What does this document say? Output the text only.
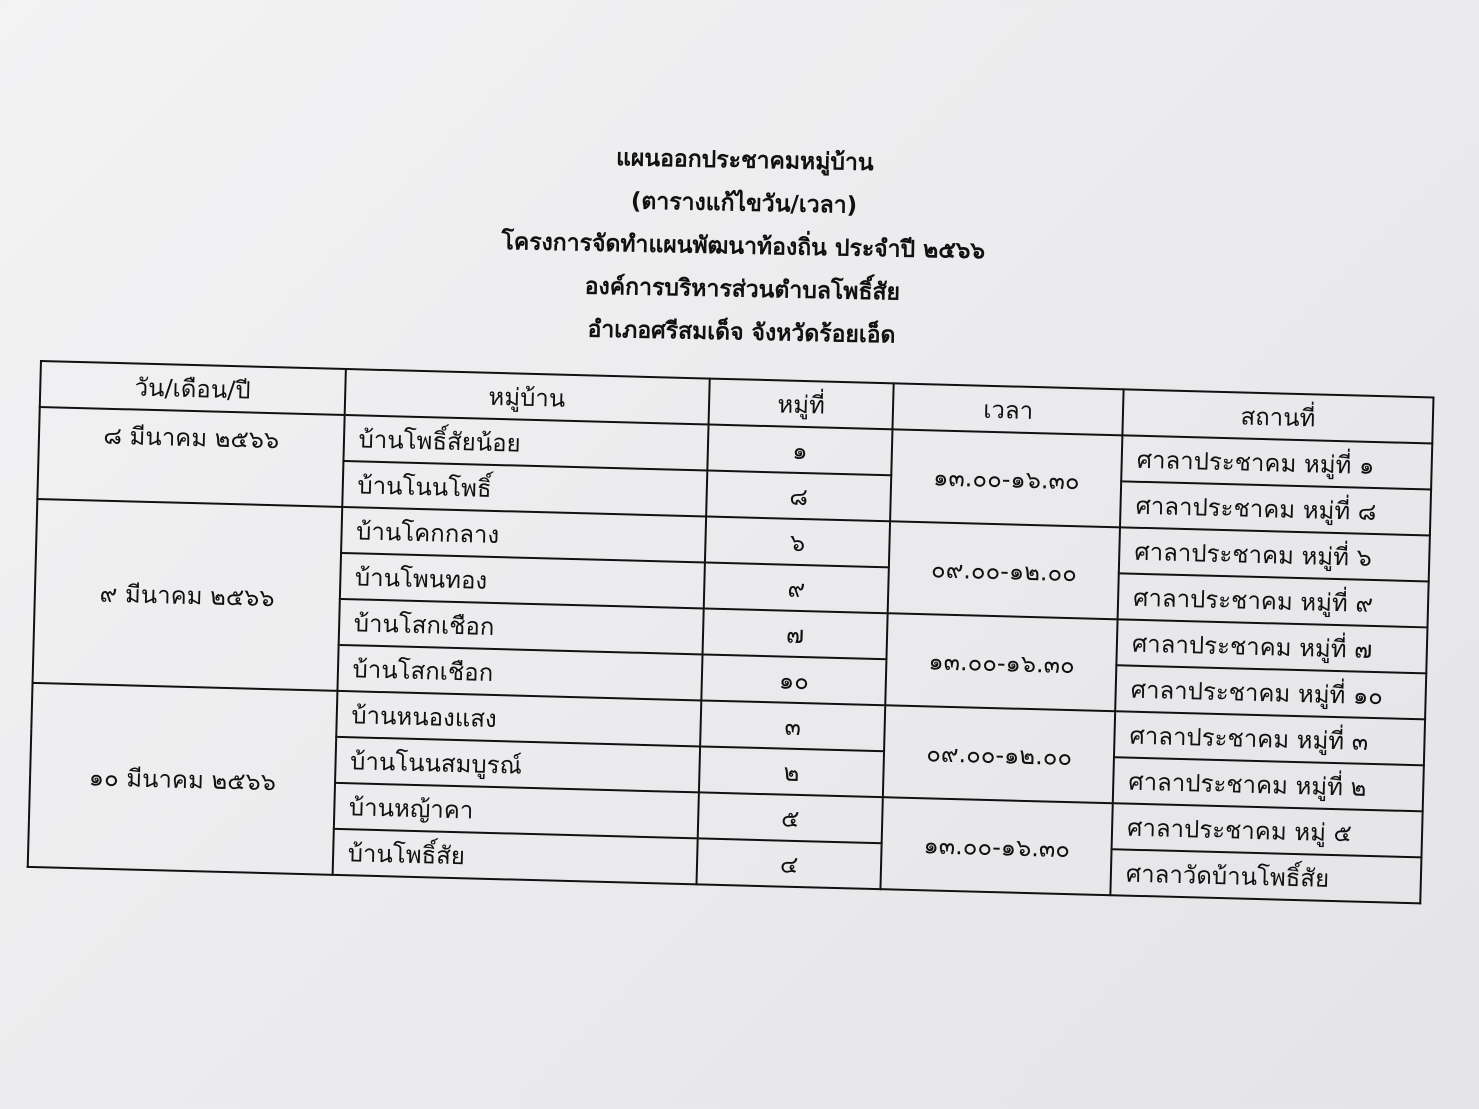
แผนออกประชาคมหมู่บ้าน
(ตารางแก้ไขวัน/เวลา)
โครงการจัดทำแผนพัฒนาท้องถิ่น ประจำปี ๒๕๖๖
องค์การบริหารส่วนตำบลโพธิ์สัย
อำเภอศรีสมเด็จ จังหวัดร้อยเอ็ด
วัน/เดือน/ปี	หมู่บ้าน	หมู่ที่	เวลา	สถานที่
๘ มีนาคม ๒๕๖๖	บ้านโพธิ์สัยน้อย	๑	๑๓.๐๐-๑๖.๓๐	ศาลาประชาคม หมู่ที่ ๑
	บ้านโนนโพธิ์	๘		ศาลาประชาคม หมู่ที่ ๘
๙ มีนาคม ๒๕๖๖	บ้านโคกกลาง	๖	๐๙.๐๐-๑๒.๐๐	ศาลาประชาคม หมู่ที่ ๖
	บ้านโพนทอง	๙		ศาลาประชาคม หมู่ที่ ๙
	บ้านโสกเชือก	๗	๑๓.๐๐-๑๖.๓๐	ศาลาประชาคม หมู่ที่ ๗
	บ้านโสกเชือก	๑๐		ศาลาประชาคม หมู่ที่ ๑๐
๑๐ มีนาคม ๒๕๖๖	บ้านหนองแสง	๓	๐๙.๐๐-๑๒.๐๐	ศาลาประชาคม หมู่ที่ ๓
	บ้านโนนสมบูรณ์	๒		ศาลาประชาคม หมู่ที่ ๒
	บ้านหญ้าคา	๕	๑๓.๐๐-๑๖.๓๐	ศาลาประชาคม หมู่ ๕
	บ้านโพธิ์สัย	๔		ศาลาวัดบ้านโพธิ์สัย
